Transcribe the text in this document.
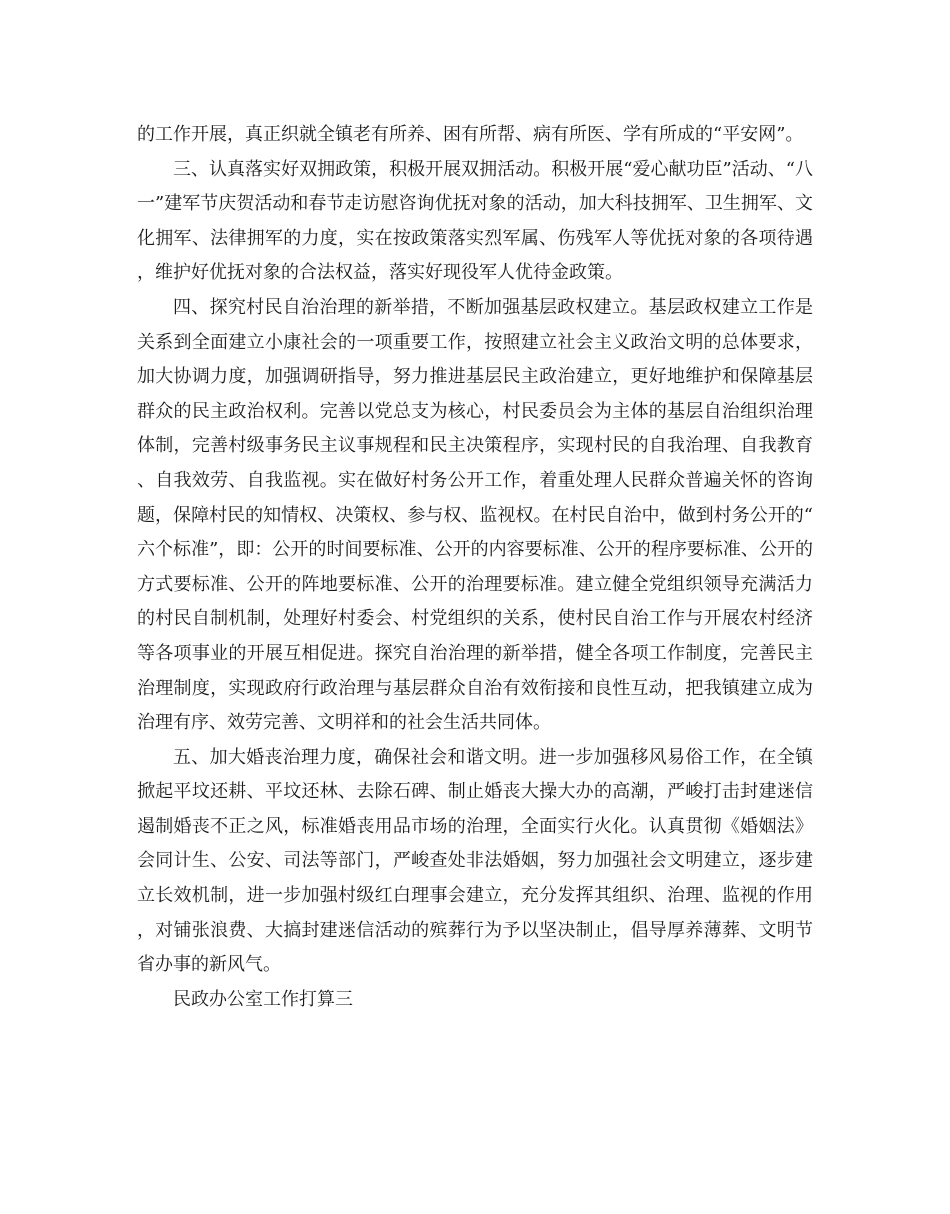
的工作开展，真正织就全镇老有所养、困有所帮、病有所医、学有所成的“平安网”。

三、认真落实好双拥政策，积极开展双拥活动。积极开展“爱心献功臣”活动、“八一”建军节庆贺活动和春节走访慰咨询优抚对象的活动，加大科技拥军、卫生拥军、文化拥军、法律拥军的力度，实在按政策落实烈军属、伤残军人等优抚对象的各项待遇，维护好优抚对象的合法权益，落实好现役军人优待金政策。

四、探究村民自治治理的新举措，不断加强基层政权建立。基层政权建立工作是关系到全面建立小康社会的一项重要工作，按照建立社会主义政治文明的总体要求，加大协调力度，加强调研指导，努力推进基层民主政治建立，更好地维护和保障基层群众的民主政治权利。完善以党总支为核心，村民委员会为主体的基层自治组织治理体制，完善村级事务民主议事规程和民主决策程序，实现村民的自我治理、自我教育、自我效劳、自我监视。实在做好村务公开工作，着重处理人民群众普遍关怀的咨询题，保障村民的知情权、决策权、参与权、监视权。在村民自治中，做到村务公开的“六个标准”，即：公开的时间要标准、公开的内容要标准、公开的程序要标准、公开的方式要标准、公开的阵地要标准、公开的治理要标准。建立健全党组织领导充满活力的村民自制机制，处理好村委会、村党组织的关系，使村民自治工作与开展农村经济等各项事业的开展互相促进。探究自治治理的新举措，健全各项工作制度，完善民主治理制度，实现政府行政治理与基层群众自治有效衔接和良性互动，把我镇建立成为治理有序、效劳完善、文明祥和的社会生活共同体。

五、加大婚丧治理力度，确保社会和谐文明。进一步加强移风易俗工作，在全镇掀起平坟还耕、平坟还林、去除石碑、制止婚丧大操大办的高潮，严峻打击封建迷信遏制婚丧不正之风，标准婚丧用品市场的治理，全面实行火化。认真贯彻《婚姻法》会同计生、公安、司法等部门，严峻查处非法婚姻，努力加强社会文明建立，逐步建立长效机制，进一步加强村级红白理事会建立，充分发挥其组织、治理、监视的作用，对铺张浪费、大搞封建迷信活动的殡葬行为予以坚决制止，倡导厚养薄葬、文明节省办事的新风气。

民政办公室工作打算三
